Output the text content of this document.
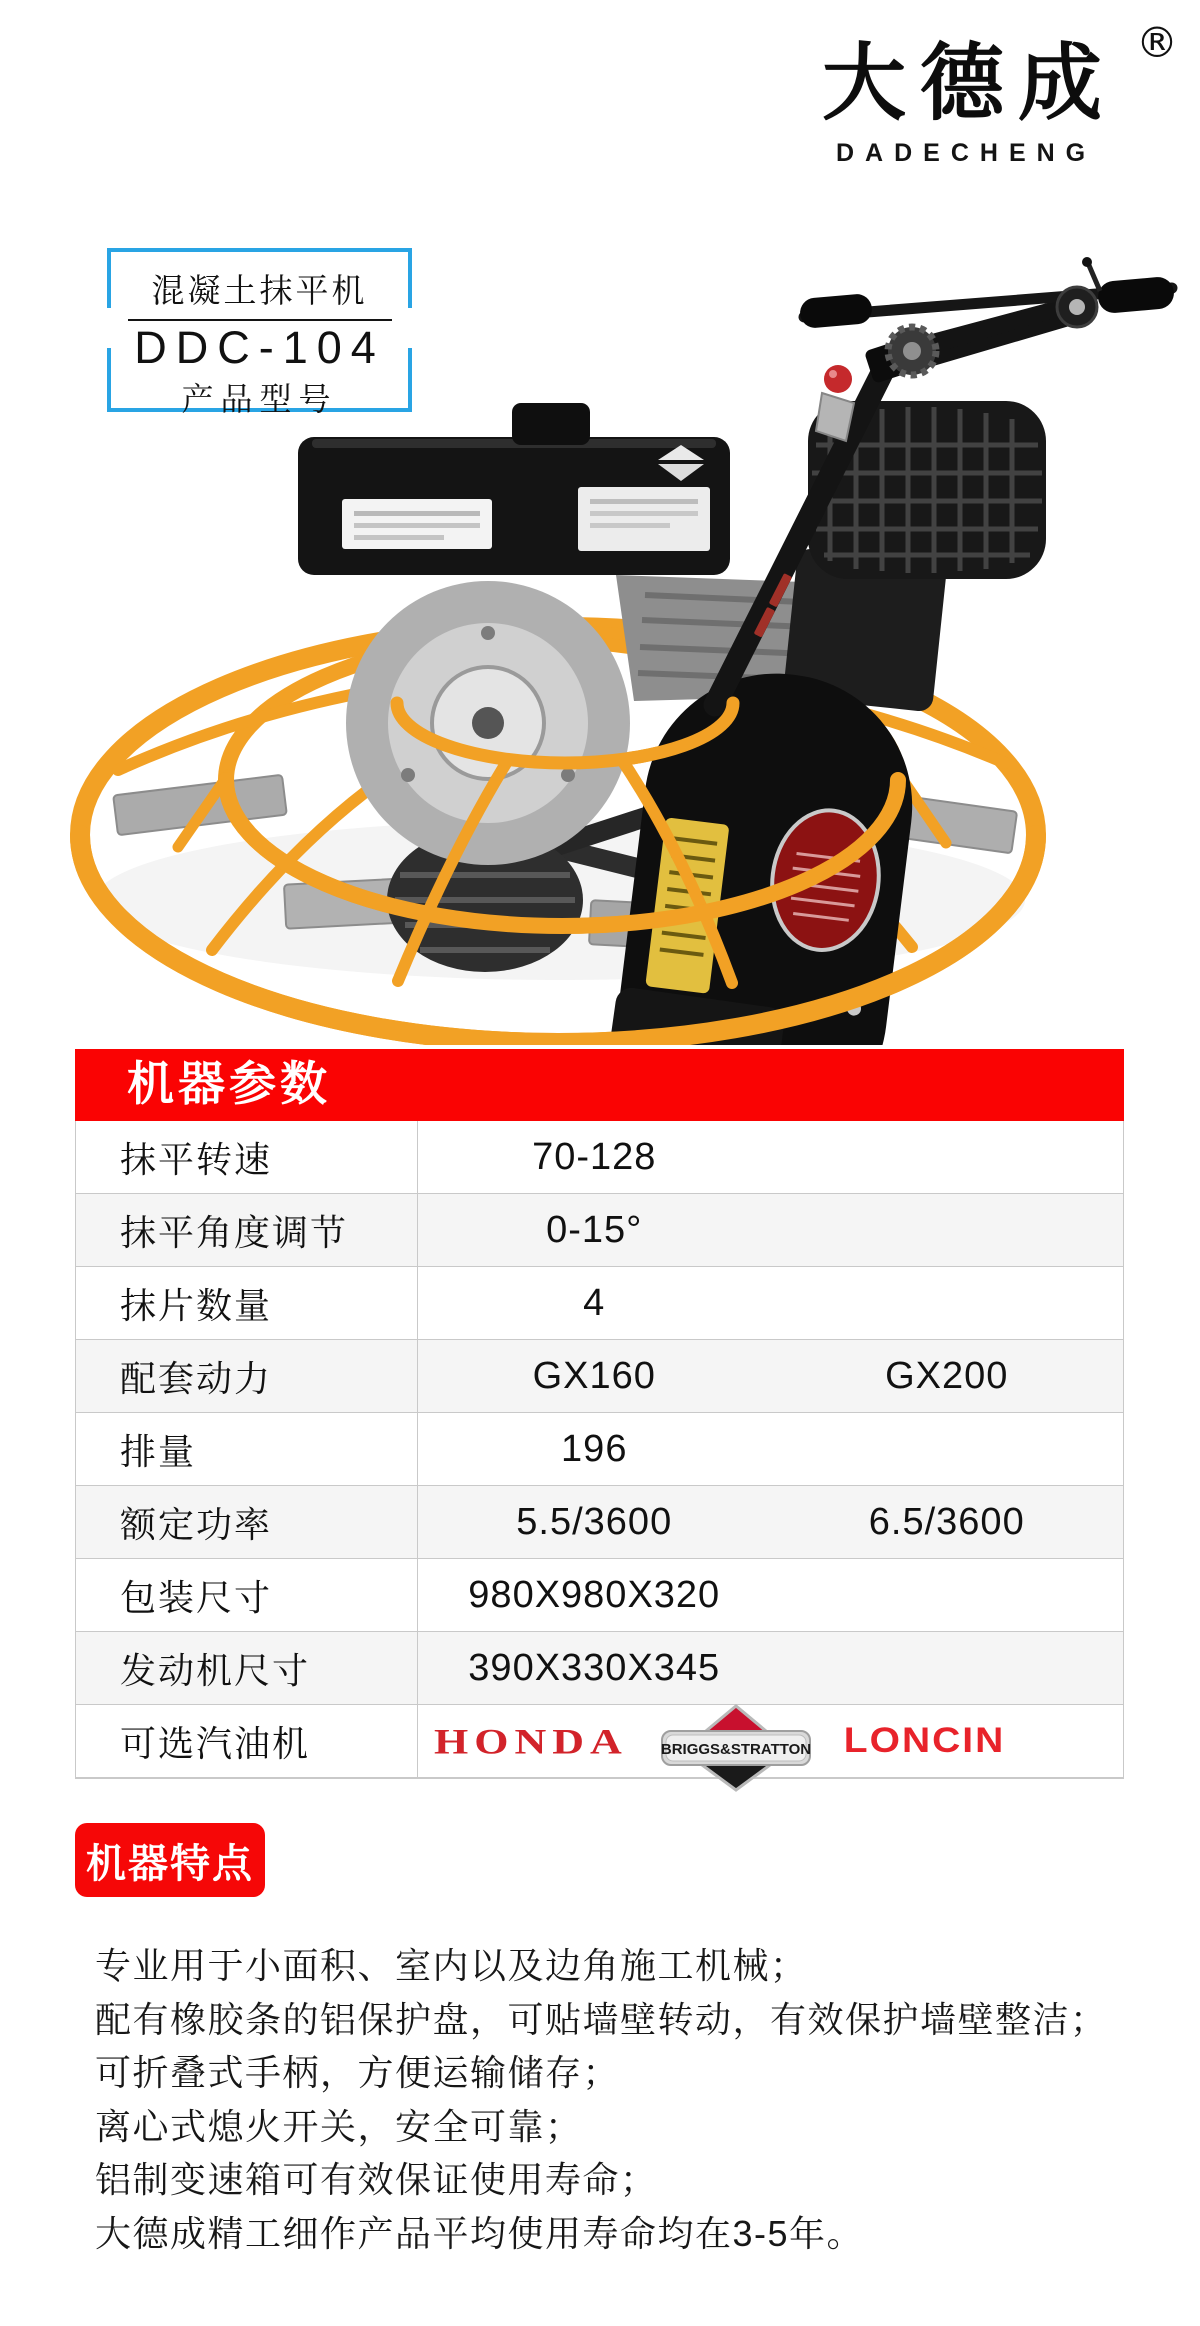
大德成 ®
DADECHENG
混凝土抹平机
DDC-104
产品型号
机器参数
抹平转速	70-128
抹平角度调节	0-15°
抹片数量	4
配套动力	GX160	GX200
排量	196
额定功率	5.5/3600	6.5/3600
包装尺寸	980X980X320
发动机尺寸	390X330X345
可选汽油机	HONDA BRIGGS&STRATTON LONCIN
机器特点
专业用于小面积、室内以及边角施工机械；
配有橡胶条的铝保护盘，可贴墙壁转动，有效保护墙壁整洁；
可折叠式手柄，方便运输储存；
离心式熄火开关，安全可靠；
铝制变速箱可有效保证使用寿命；
大德成精工细作产品平均使用寿命均在3-5年。
